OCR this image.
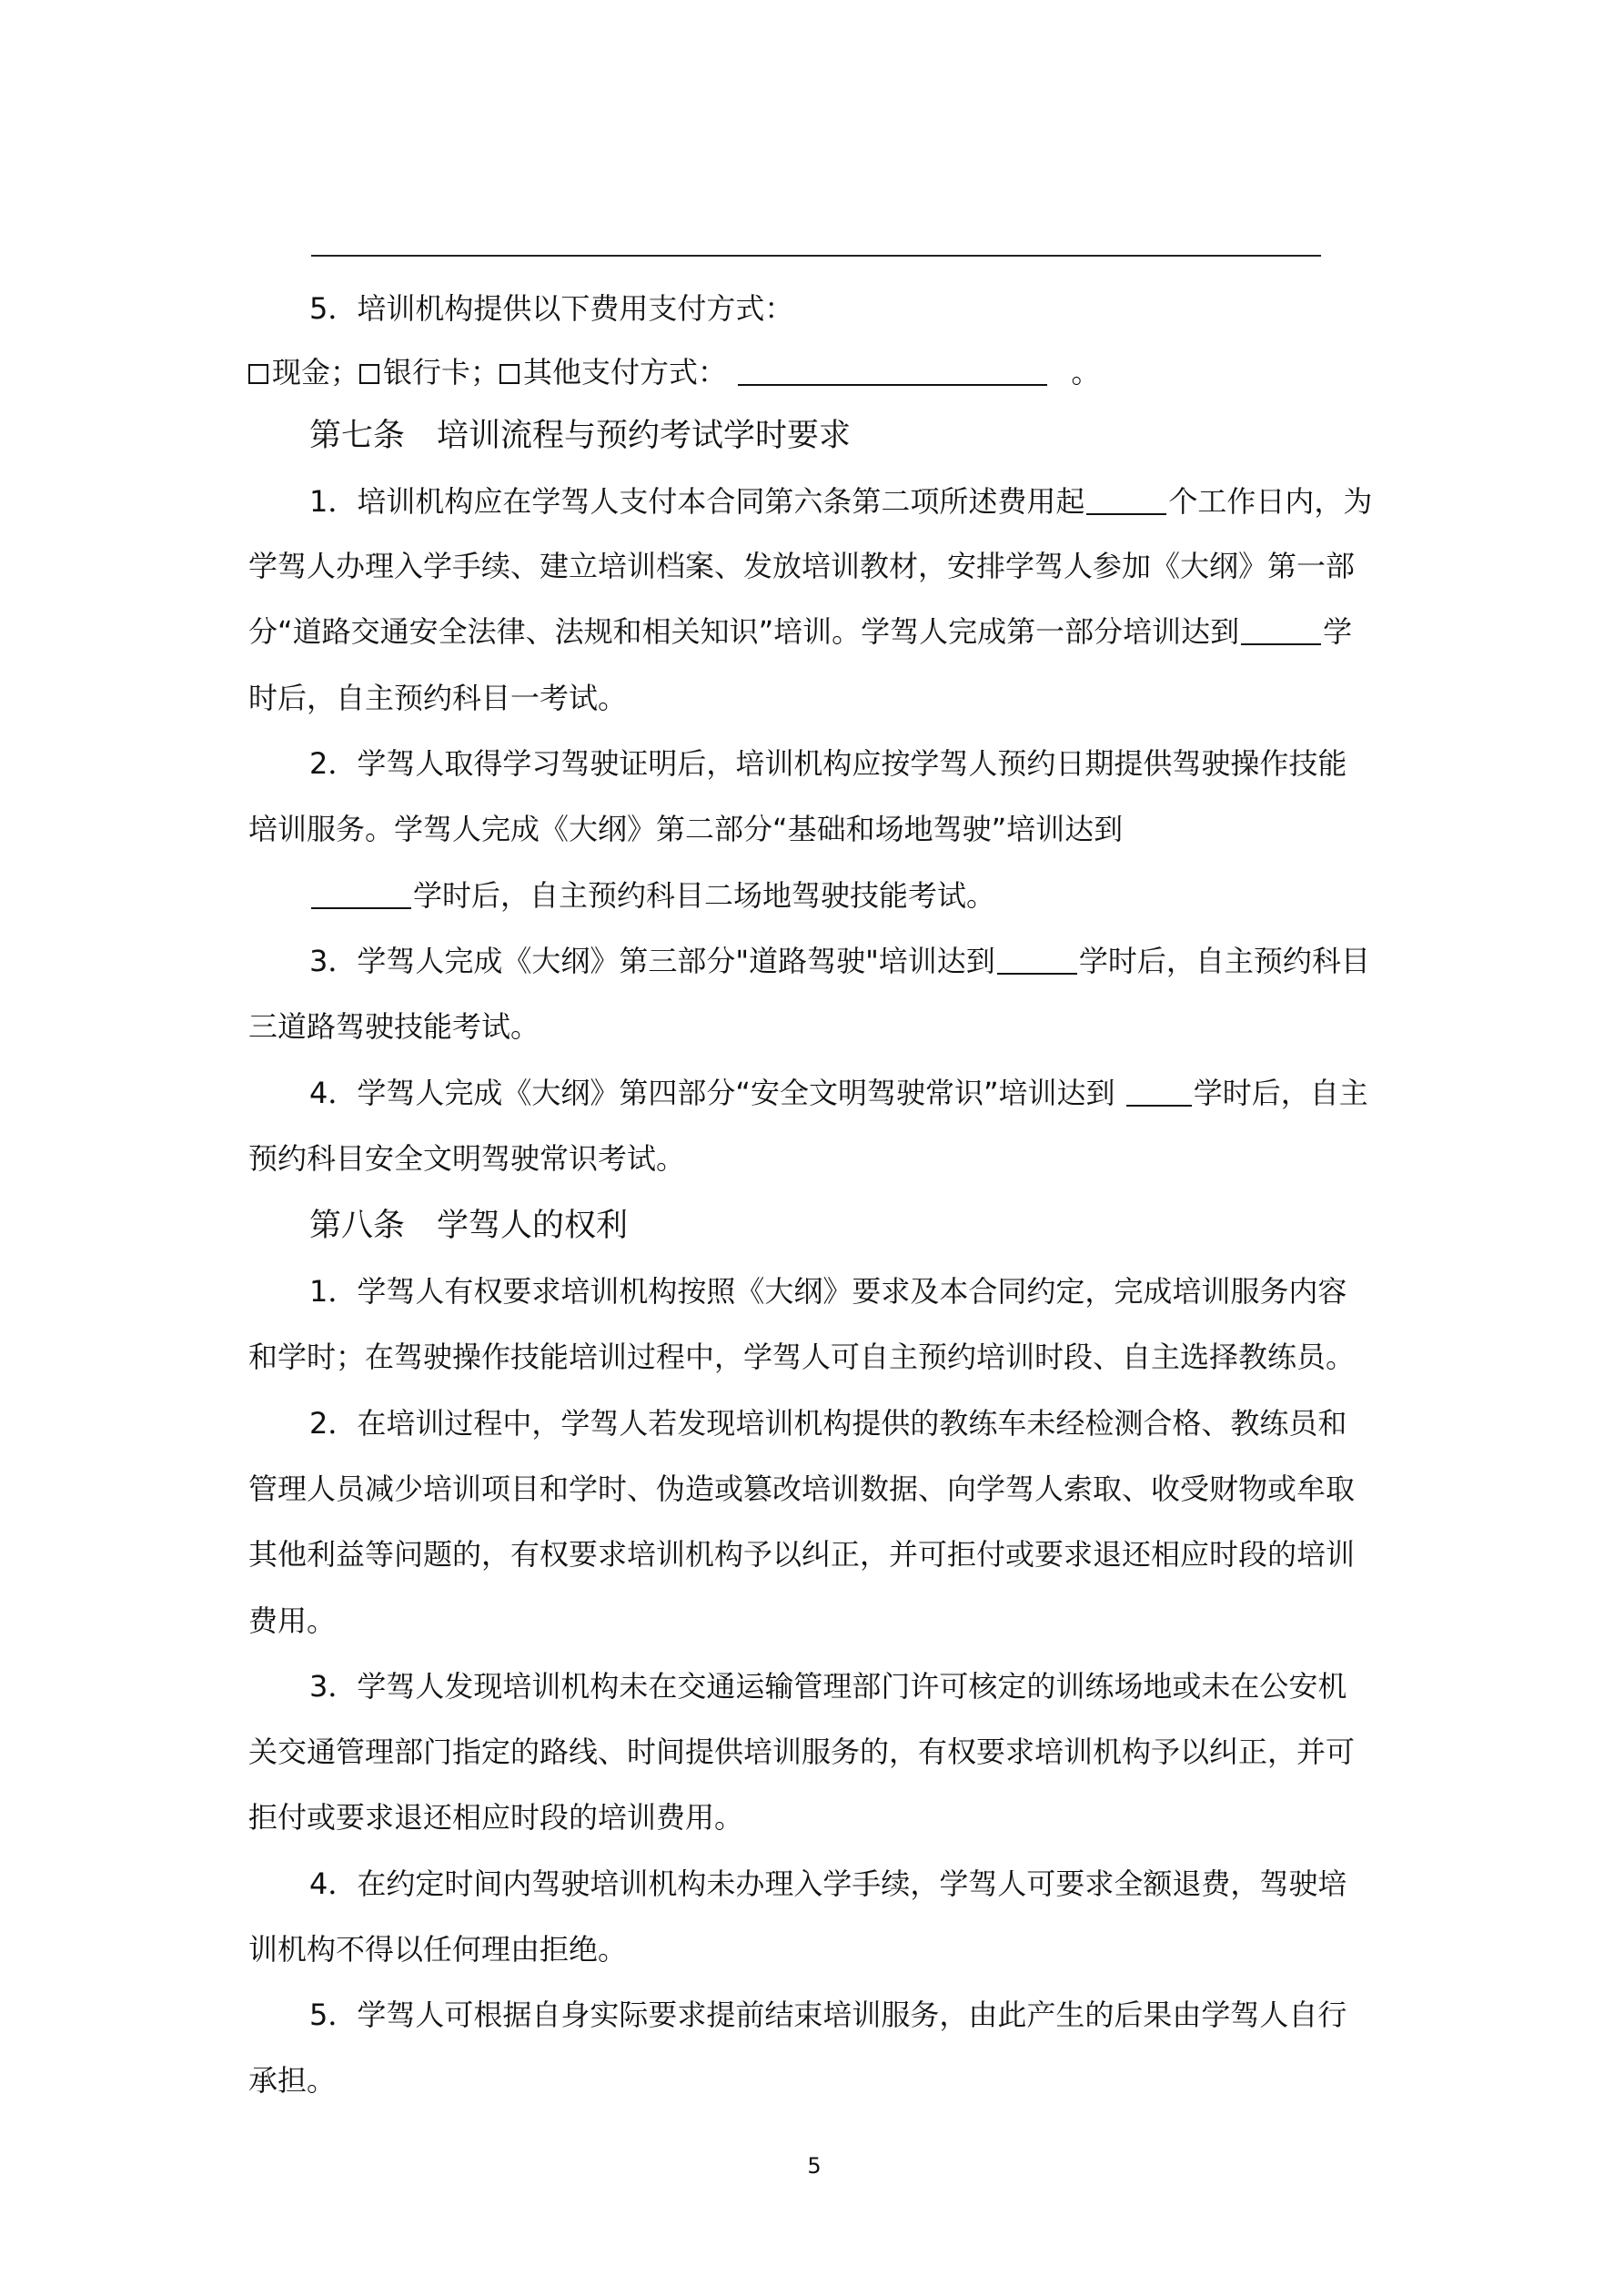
5．培训机构提供以下费用支付方式：
现金； 银行卡； 其他支付方式：	。
第七条　培训流程与预约考试学时要求
1．培训机构应在学驾人支付本合同第六条第二项所述费用起	个工作日内，为
学驾人办理入学手续、建立培训档案、发放培训教材，安排学驾人参加《大纲》第一部
分“道路交通安全法律、法规和相关知识”培训。学驾人完成第一部分培训达到	学
时后，自主预约科目一考试。
2．学驾人取得学习驾驶证明后，培训机构应按学驾人预约日期提供驾驶操作技能
培训服务。学驾人完成《大纲》第二部分“基础和场地驾驶”培训达到
学时后，自主预约科目二场地驾驶技能考试。
3．学驾人完成《大纲》第三部分"道路驾驶"培训达到	学时后，自主预约科目
三道路驾驶技能考试。
4．学驾人完成《大纲》第四部分“安全文明驾驶常识”培训达到 学时后，自主
预约科目安全文明驾驶常识考试。
第八条　学驾人的权利
1．学驾人有权要求培训机构按照《大纲》要求及本合同约定，完成培训服务内容
和学时；在驾驶操作技能培训过程中，学驾人可自主预约培训时段、自主选择教练员。
2．在培训过程中，学驾人若发现培训机构提供的教练车未经检测合格、教练员和
管理人员减少培训项目和学时、伪造或篡改培训数据、向学驾人索取、收受财物或牟取
其他利益等问题的，有权要求培训机构予以纠正，并可拒付或要求退还相应时段的培训
费用。
3．学驾人发现培训机构未在交通运输管理部门许可核定的训练场地或未在公安机
关交通管理部门指定的路线、时间提供培训服务的，有权要求培训机构予以纠正，并可
拒付或要求退还相应时段的培训费用。
4．在约定时间内驾驶培训机构未办理入学手续，学驾人可要求全额退费，驾驶培
训机构不得以任何理由拒绝。
5．学驾人可根据自身实际要求提前结束培训服务，由此产生的后果由学驾人自行
承担。
5
